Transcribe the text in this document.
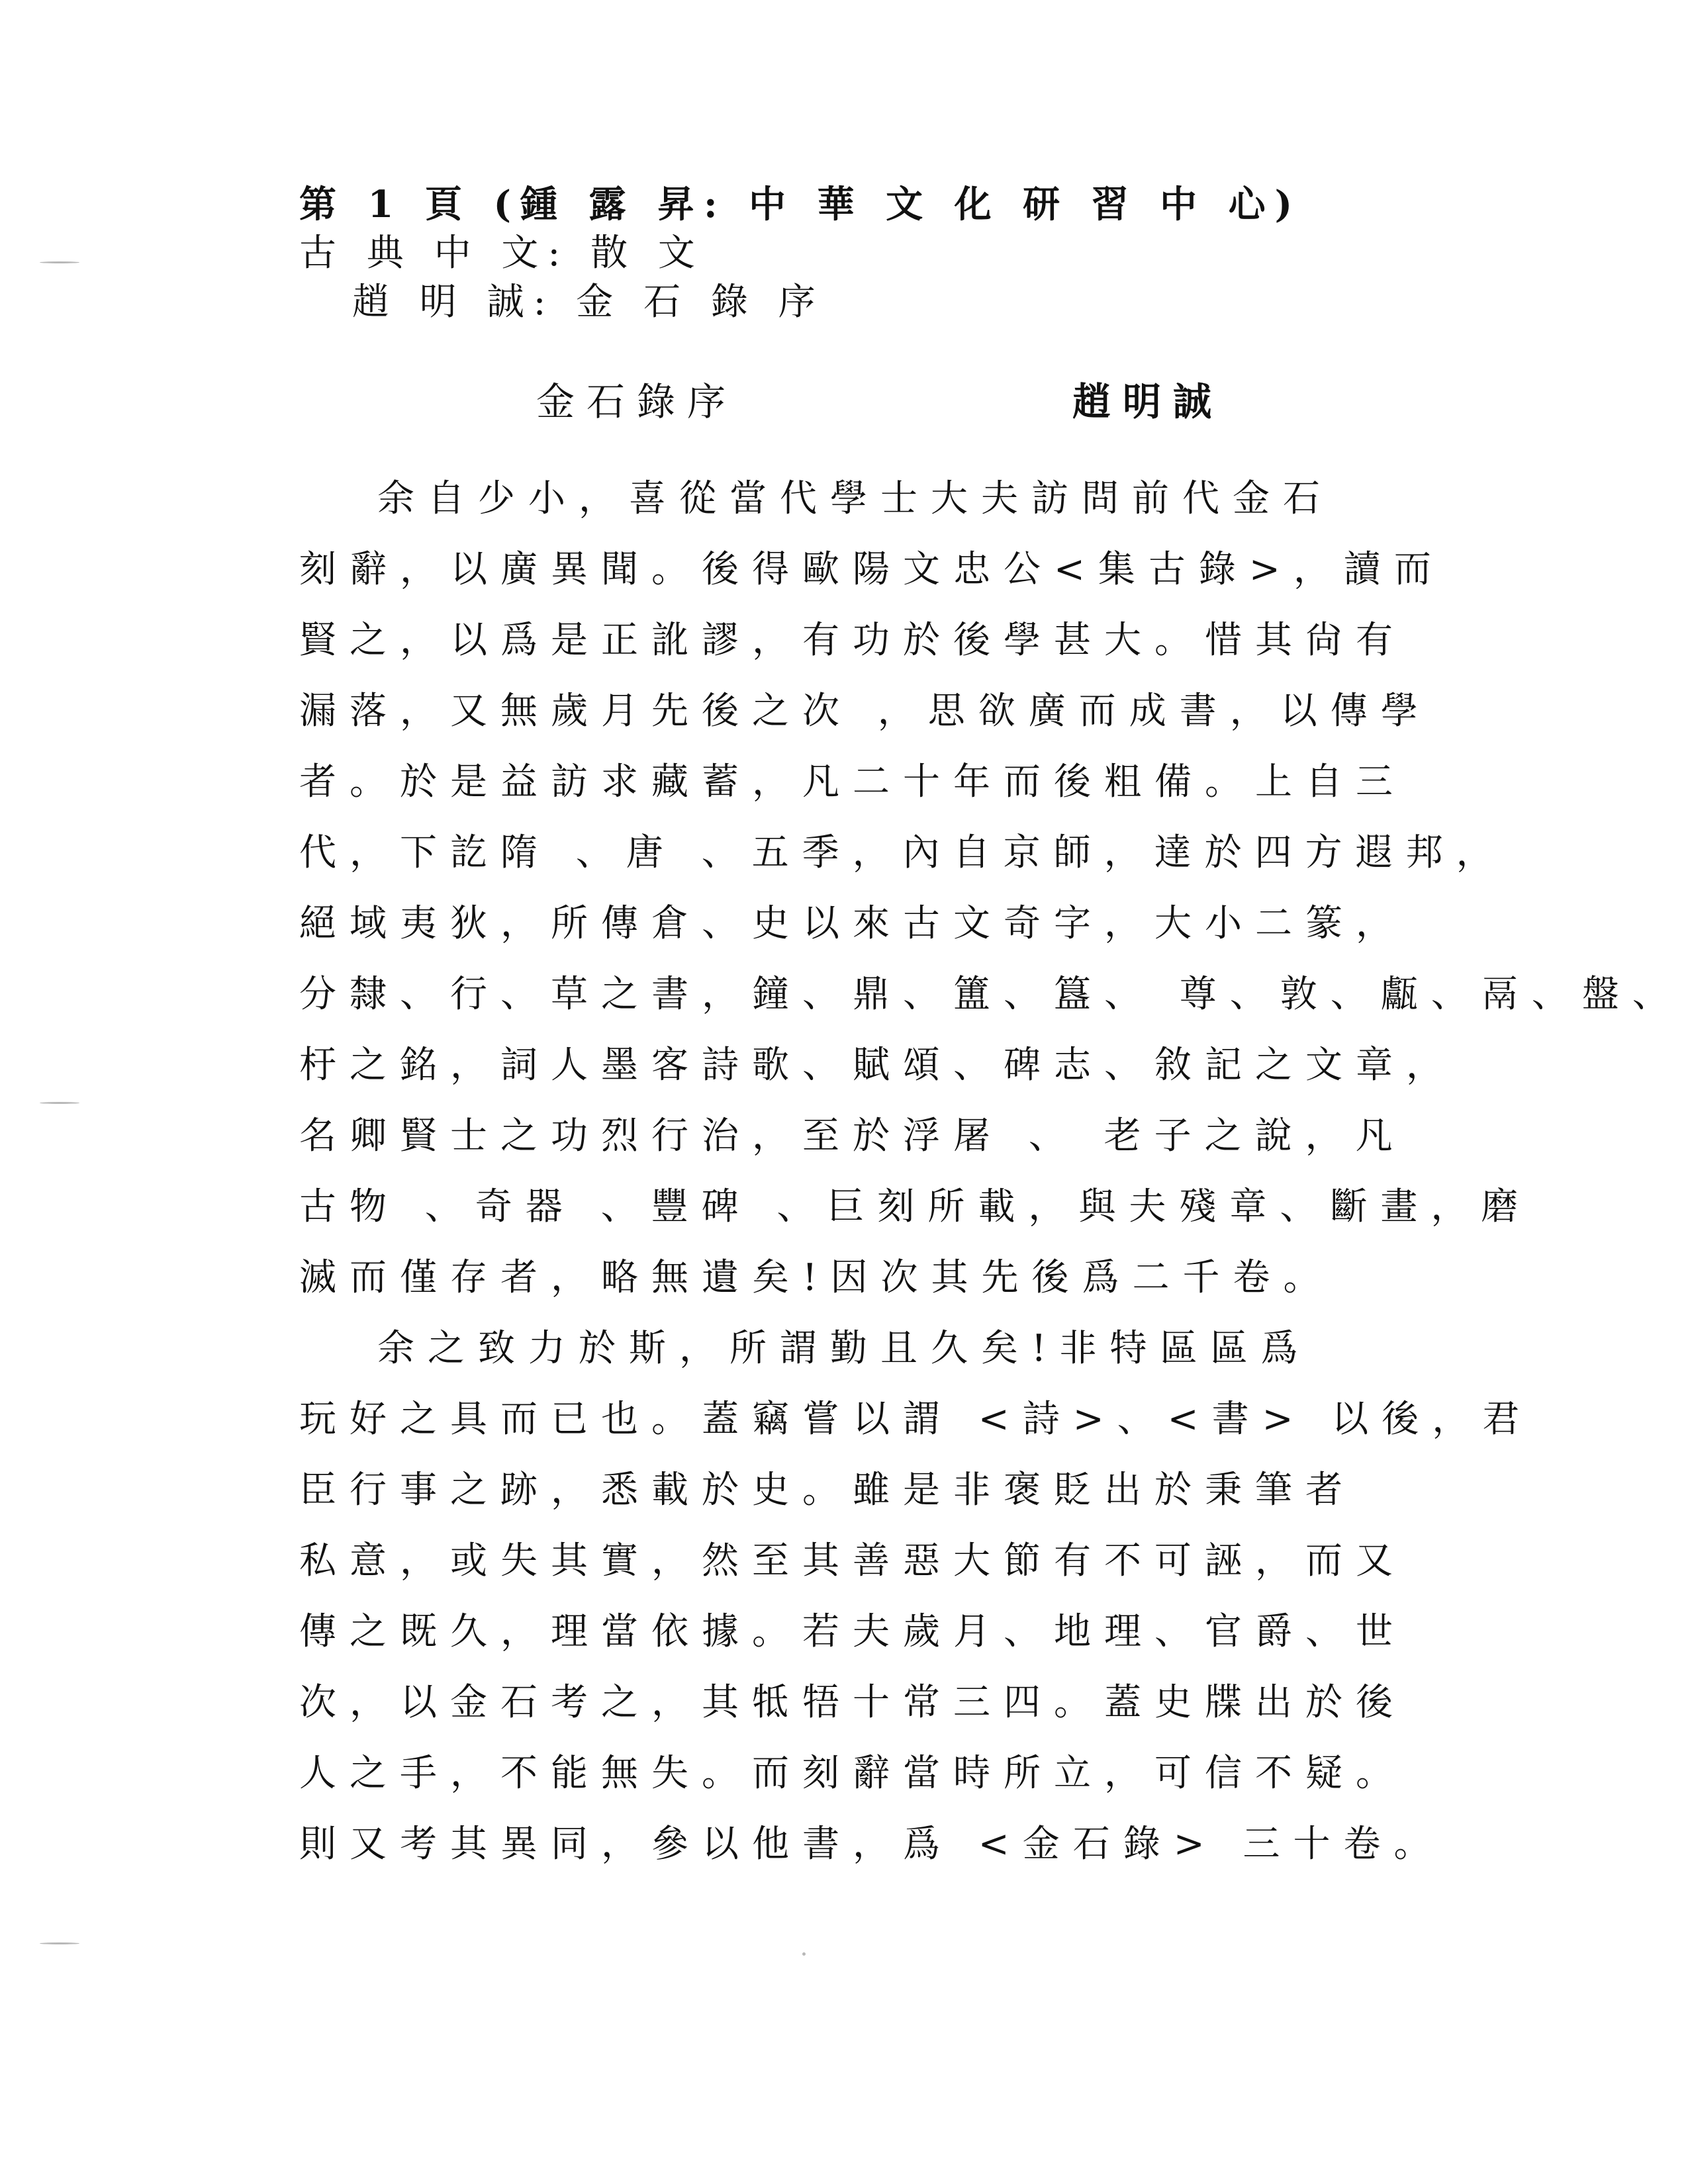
第 1 頁 (鍾 露 昇: 中 華 文 化 研 習 中 心)
古 典 中 文: 散 文
趙 明 誠: 金 石 錄 序
金石錄序	趙明誠
余自少小，喜從當代學士大夫訪問前代金石
刻辭，以廣異聞。後得歐陽文忠公<集古錄>，讀而
賢之，以爲是正訛謬，有功於後學甚大。惜其尙有
漏落，又無歲月先後之次 ，思欲廣而成書，以傳學
者。於是益訪求藏蓄，凡二十年而後粗備。上自三
代，下訖隋 、唐 、五季，內自京師，達於四方遐邦，
絕域夷狄，所傳倉、史以來古文奇字，大小二篆，
分隸、行、草之書，鐘、鼎、簠、簋、 尊、敦、甗、鬲、盤、
杅之銘，詞人墨客詩歌、賦頌、碑志、敘記之文章，
名卿賢士之功烈行治，至於浮屠 、 老子之說，凡
古物 、奇器 、豐碑 、巨刻所載，與夫殘章、斷畫，磨
滅而僅存者，略無遺矣!因次其先後爲二千卷。
余之致力於斯，所謂勤且久矣!非特區區爲
玩好之具而已也。蓋竊嘗以謂 <詩>、<書> 以後，君
臣行事之跡，悉載於史。雖是非褒貶出於秉筆者
私意，或失其實，然至其善惡大節有不可誣，而又
傳之既久，理當依據。若夫歲月、地理、官爵、世
次，以金石考之，其牴牾十常三四。蓋史牒出於後
人之手，不能無失。而刻辭當時所立，可信不疑。
則又考其異同，參以他書，爲 <金石錄> 三十卷。
